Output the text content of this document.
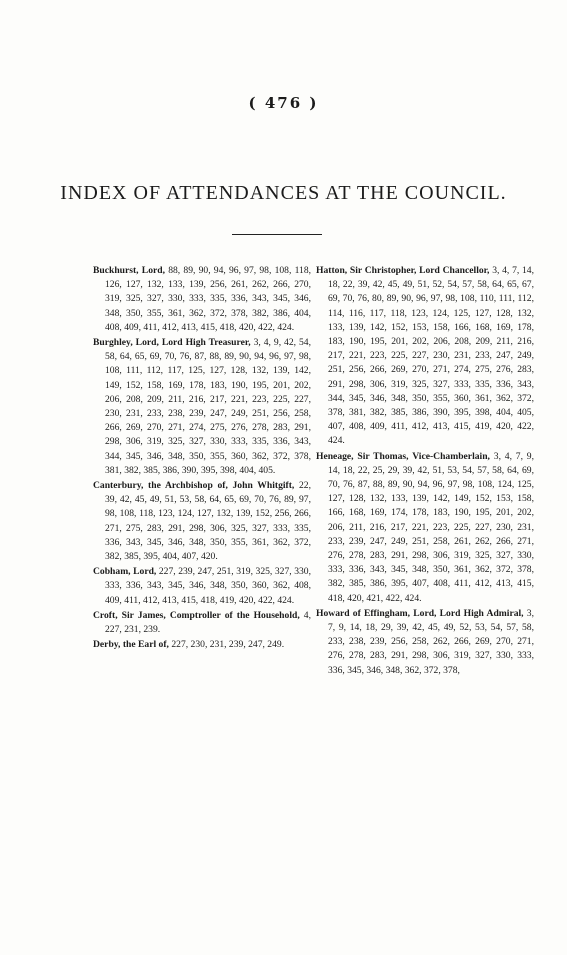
( 476 )
INDEX OF ATTENDANCES AT THE COUNCIL.

Buckhurst, Lord, 88, 89, 90, 94, 96, 97, 98, 108, 118, 126, 127, 132, 133, 139, 256, 261, 262, 266, 270, 319, 325, 327, 330, 333, 335, 336, 343, 345, 346, 348, 350, 355, 361, 362, 372, 378, 382, 386, 404, 408, 409, 411, 412, 413, 415, 418, 420, 422, 424.

Burghley, Lord, Lord High Treasurer, 3, 4, 9, 42, 54, 58, 64, 65, 69, 70, 76, 87, 88, 89, 90, 94, 96, 97, 98, 108, 111, 112, 117, 125, 127, 128, 132, 139, 142, 149, 152, 158, 169, 178, 183, 190, 195, 201, 202, 206, 208, 209, 211, 216, 217, 221, 223, 225, 227, 230, 231, 233, 238, 239, 247, 249, 251, 256, 258, 266, 269, 270, 271, 274, 275, 276, 278, 283, 291, 298, 306, 319, 325, 327, 330, 333, 335, 336, 343, 344, 345, 346, 348, 350, 355, 360, 362, 372, 378, 381, 382, 385, 386, 390, 395, 398, 404, 405.

Canterbury, the Archbishop of, John Whitgift, 22, 39, 42, 45, 49, 51, 53, 58, 64, 65, 69, 70, 76, 89, 97, 98, 108, 118, 123, 124, 127, 132, 139, 152, 256, 266, 271, 275, 283, 291, 298, 306, 325, 327, 333, 335, 336, 343, 345, 346, 348, 350, 355, 361, 362, 372, 382, 385, 395, 404, 407, 420.

Cobham, Lord, 227, 239, 247, 251, 319, 325, 327, 330, 333, 336, 343, 345, 346, 348, 350, 360, 362, 408, 409, 411, 412, 413, 415, 418, 419, 420, 422, 424.

Croft, Sir James, Comptroller of the Household, 4, 227, 231, 239.

Derby, the Earl of, 227, 230, 231, 239, 247, 249.

Hatton, Sir Christopher, Lord Chancellor, 3, 4, 7, 14, 18, 22, 39, 42, 45, 49, 51, 52, 54, 57, 58, 64, 65, 67, 69, 70, 76, 80, 89, 90, 96, 97, 98, 108, 110, 111, 112, 114, 116, 117, 118, 123, 124, 125, 127, 128, 132, 133, 139, 142, 152, 153, 158, 166, 168, 169, 178, 183, 190, 195, 201, 202, 206, 208, 209, 211, 216, 217, 221, 223, 225, 227, 230, 231, 233, 247, 249, 251, 256, 266, 269, 270, 271, 274, 275, 276, 283, 291, 298, 306, 319, 325, 327, 333, 335, 336, 343, 344, 345, 346, 348, 350, 355, 360, 361, 362, 372, 378, 381, 382, 385, 386, 390, 395, 398, 404, 405, 407, 408, 409, 411, 412, 413, 415, 419, 420, 422, 424.

Heneage, Sir Thomas, Vice-Chamberlain, 3, 4, 7, 9, 14, 18, 22, 25, 29, 39, 42, 51, 53, 54, 57, 58, 64, 69, 70, 76, 87, 88, 89, 90, 94, 96, 97, 98, 108, 124, 125, 127, 128, 132, 133, 139, 142, 149, 152, 153, 158, 166, 168, 169, 174, 178, 183, 190, 195, 201, 202, 206, 211, 216, 217, 221, 223, 225, 227, 230, 231, 233, 239, 247, 249, 251, 258, 261, 262, 266, 271, 276, 278, 283, 291, 298, 306, 319, 325, 327, 330, 333, 336, 343, 345, 348, 350, 361, 362, 372, 378, 382, 385, 386, 395, 407, 408, 411, 412, 413, 415, 418, 420, 421, 422, 424.

Howard of Effingham, Lord, Lord High Admiral, 3, 7, 9, 14, 18, 29, 39, 42, 45, 49, 52, 53, 54, 57, 58, 233, 238, 239, 256, 258, 262, 266, 269, 270, 271, 276, 278, 283, 291, 298, 306, 319, 327, 330, 333, 336, 345, 346, 348, 362, 372, 378,
